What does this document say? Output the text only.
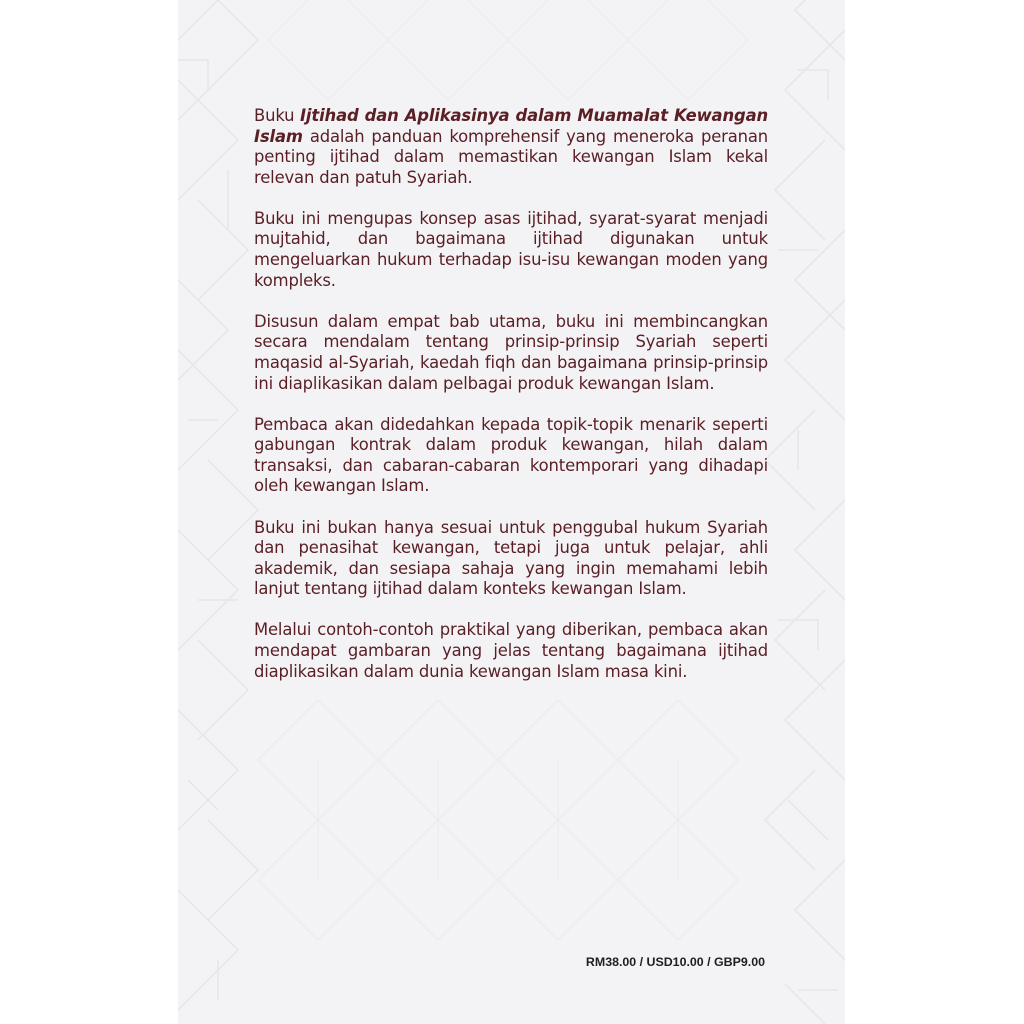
Buku Ijtihad dan Aplikasinya dalam Muamalat Kewangan Islam adalah panduan komprehensif yang meneroka peranan penting ijtihad dalam memastikan kewangan Islam kekal relevan dan patuh Syariah.

Buku ini mengupas konsep asas ijtihad, syarat-syarat menjadi mujtahid, dan bagaimana ijtihad digunakan untuk mengeluarkan hukum terhadap isu-isu kewangan moden yang kompleks.

Disusun dalam empat bab utama, buku ini membincangkan secara mendalam tentang prinsip-prinsip Syariah seperti maqasid al-Syariah, kaedah fiqh dan bagaimana prinsip-prinsip ini diaplikasikan dalam pelbagai produk kewangan Islam.

Pembaca akan didedahkan kepada topik-topik menarik seperti gabungan kontrak dalam produk kewangan, hilah dalam transaksi, dan cabaran-cabaran kontemporari yang dihadapi oleh kewangan Islam.

Buku ini bukan hanya sesuai untuk penggubal hukum Syariah dan penasihat kewangan, tetapi juga untuk pelajar, ahli akademik, dan sesiapa sahaja yang ingin memahami lebih lanjut tentang ijtihad dalam konteks kewangan Islam.

Melalui contoh-contoh praktikal yang diberikan, pembaca akan mendapat gambaran yang jelas tentang bagaimana ijtihad diaplikasikan dalam dunia kewangan Islam masa kini.

RM38.00 / USD10.00 / GBP9.00
